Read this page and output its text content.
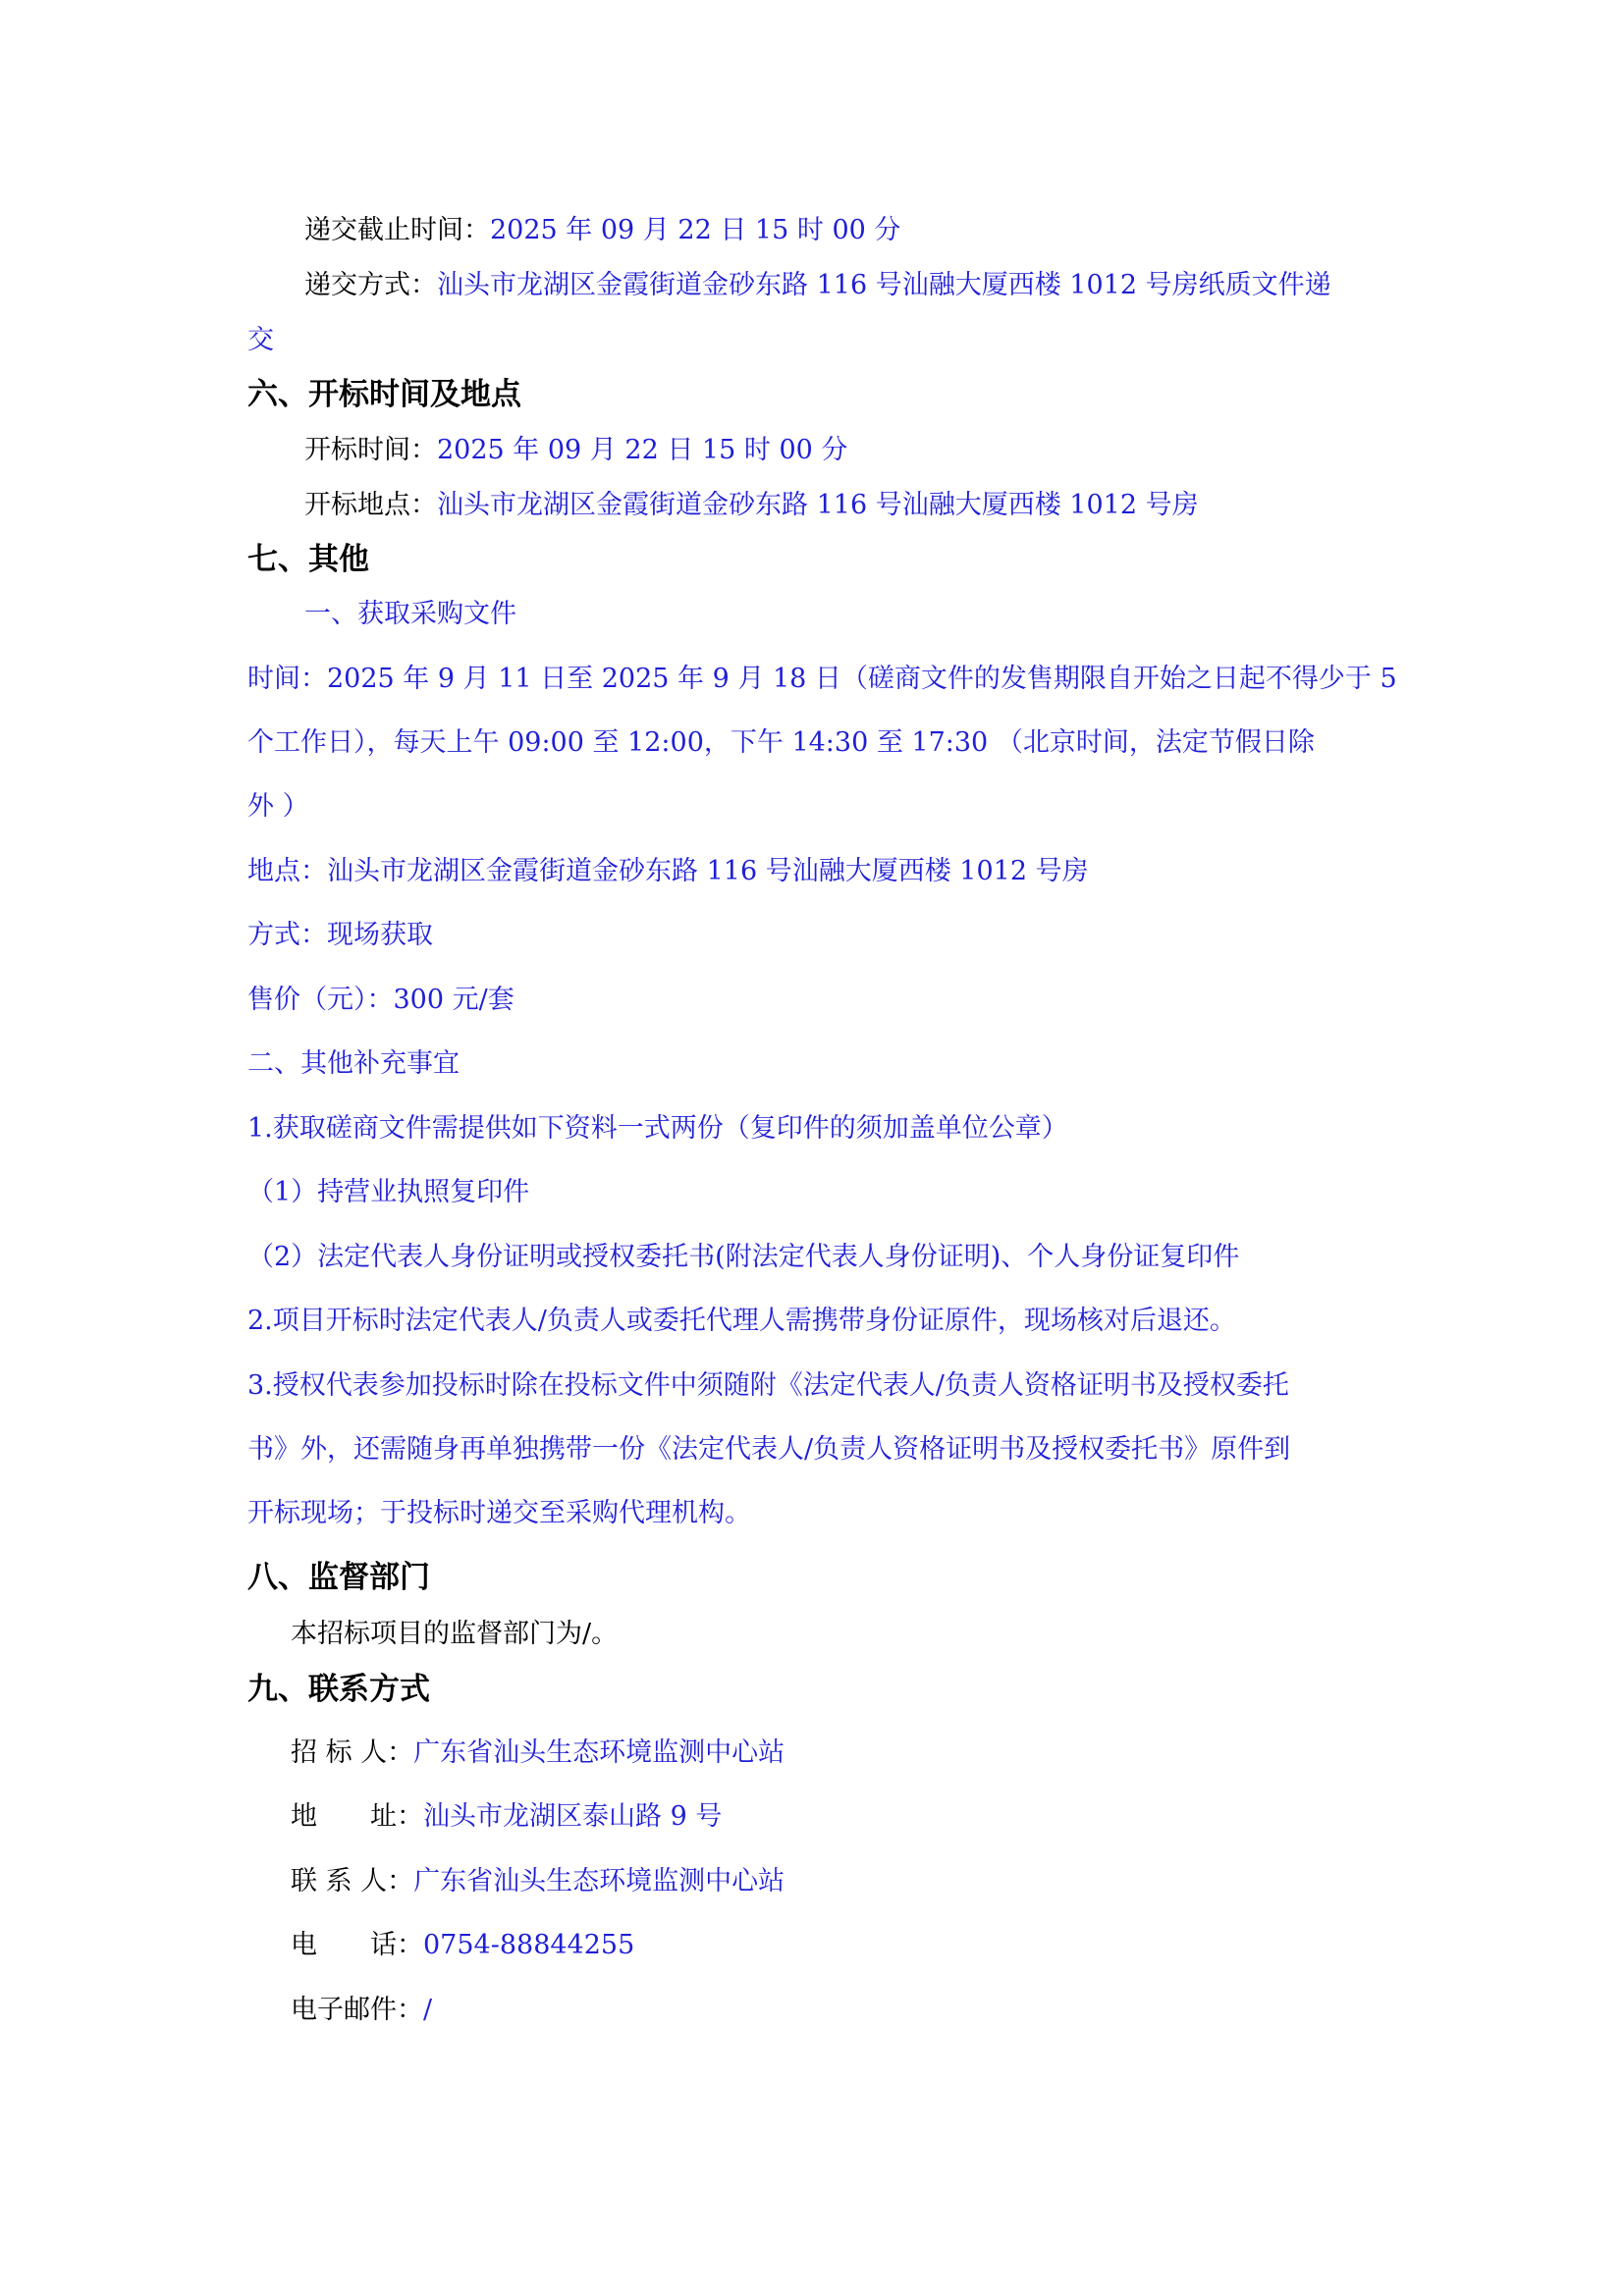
递交截止时间：2025 年 09 月 22 日 15 时 00 分
递交方式：汕头市龙湖区金霞街道金砂东路 116 号汕融大厦西楼 1012 号房纸质文件递
交
六、开标时间及地点
开标时间：2025 年 09 月 22 日 15 时 00 分
开标地点：汕头市龙湖区金霞街道金砂东路 116 号汕融大厦西楼 1012 号房
七、其他
一、获取采购文件
时间：2025 年 9 月 11 日至 2025 年 9 月 18 日（磋商文件的发售期限自开始之日起不得少于 5
个工作日），每天上午 09:00 至 12:00，下午 14:30 至 17:30 （北京时间，法定节假日除
外 ）
地点：汕头市龙湖区金霞街道金砂东路 116 号汕融大厦西楼 1012 号房
方式：现场获取
售价（元）：300 元/套
二、其他补充事宜
1.获取磋商文件需提供如下资料一式两份（复印件的须加盖单位公章）
（1）持营业执照复印件
（2）法定代表人身份证明或授权委托书(附法定代表人身份证明)、个人身份证复印件
2.项目开标时法定代表人/负责人或委托代理人需携带身份证原件，现场核对后退还。
3.授权代表参加投标时除在投标文件中须随附《法定代表人/负责人资格证明书及授权委托
书》外，还需随身再单独携带一份《法定代表人/负责人资格证明书及授权委托书》原件到
开标现场；于投标时递交至采购代理机构。
八、监督部门
本招标项目的监督部门为/。
九、联系方式
招 标 人：广东省汕头生态环境监测中心站
地　　址：汕头市龙湖区泰山路 9 号
联 系 人：广东省汕头生态环境监测中心站
电　　话：0754-88844255
电子邮件：/
